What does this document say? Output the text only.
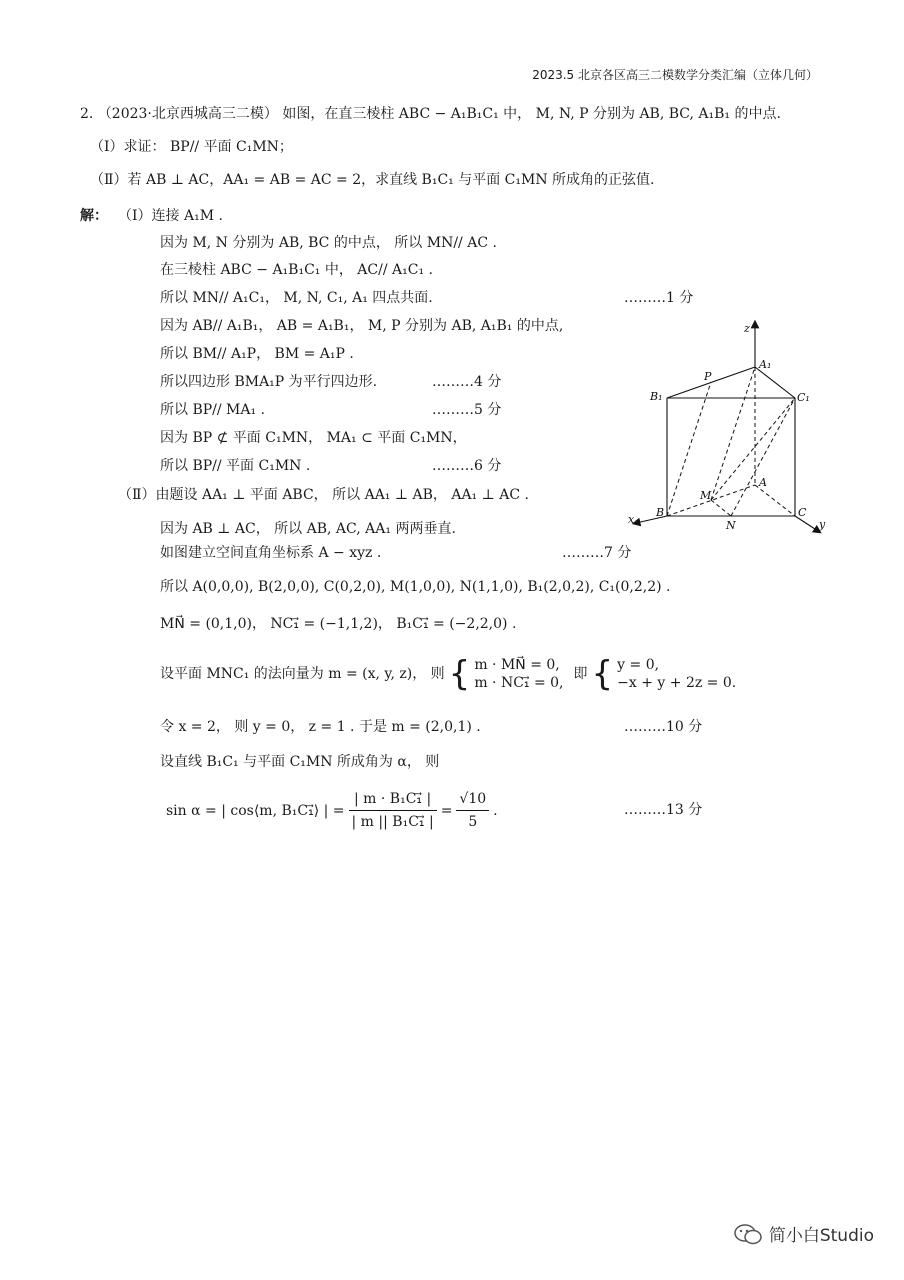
2023.5 北京各区高三二模数学分类汇编（立体几何）
2. （2023·北京西城高三二模） 如图，在直三棱柱 ABC − A₁B₁C₁ 中， M, N, P 分别为 AB, BC, A₁B₁ 的中点.
（Ⅰ）求证： BP// 平面 C₁MN；
（Ⅱ）若 AB ⊥ AC，AA₁ = AB = AC = 2，求直线 B₁C₁ 与平面 C₁MN 所成角的正弦值.
解： （Ⅰ）连接 A₁M .
因为 M, N 分别为 AB, BC 的中点， 所以 MN// AC .
在三棱柱 ABC − A₁B₁C₁ 中， AC// A₁C₁ .
所以 MN// A₁C₁， M, N, C₁, A₁ 四点共面.	………1 分
因为 AB// A₁B₁， AB = A₁B₁， M, P 分别为 AB, A₁B₁ 的中点,
所以 BM// A₁P， BM = A₁P .
所以四边形 BMA₁P 为平行四边形.	………4 分
所以 BP// MA₁ .	………5 分
因为 BP ⊄ 平面 C₁MN， MA₁ ⊂ 平面 C₁MN，
所以 BP// 平面 C₁MN .	………6 分
（Ⅱ）由题设 AA₁ ⊥ 平面 ABC， 所以 AA₁ ⊥ AB， AA₁ ⊥ AC .
因为 AB ⊥ AC， 所以 AB, AC, AA₁ 两两垂直.
如图建立空间直角坐标系 A − xyz .	………7 分
所以 A(0,0,0), B(2,0,0), C(0,2,0), M(1,0,0), N(1,1,0), B₁(2,0,2), C₁(0,2,2) .
MN⃗ = (0,1,0)， NC₁⃗ = (−1,1,2)， B₁C₁⃗ = (−2,2,0) .
设平面 MNC₁ 的法向量为 m = (x, y, z)， 则 { m · MN⃗ = 0,
m · NC₁⃗ = 0,
即 { y = 0,
−x + y + 2z = 0.
令 x = 2， 则 y = 0， z = 1 . 于是 m = (2,0,1) .	………10 分
设直线 B₁C₁ 与平面 C₁MN 所成角为 α， 则
sin α = | cos⟨m, B₁C₁⃗⟩ | = $\frac{\text{| m · B₁C₁⃗ |}}{\text{| m || B₁C₁⃗ |}} = \frac{√10}{5}$ .	………13 分
z
A₁
P
B₁	C₁
M
A
B
N
C
x	y
简小白Studio
